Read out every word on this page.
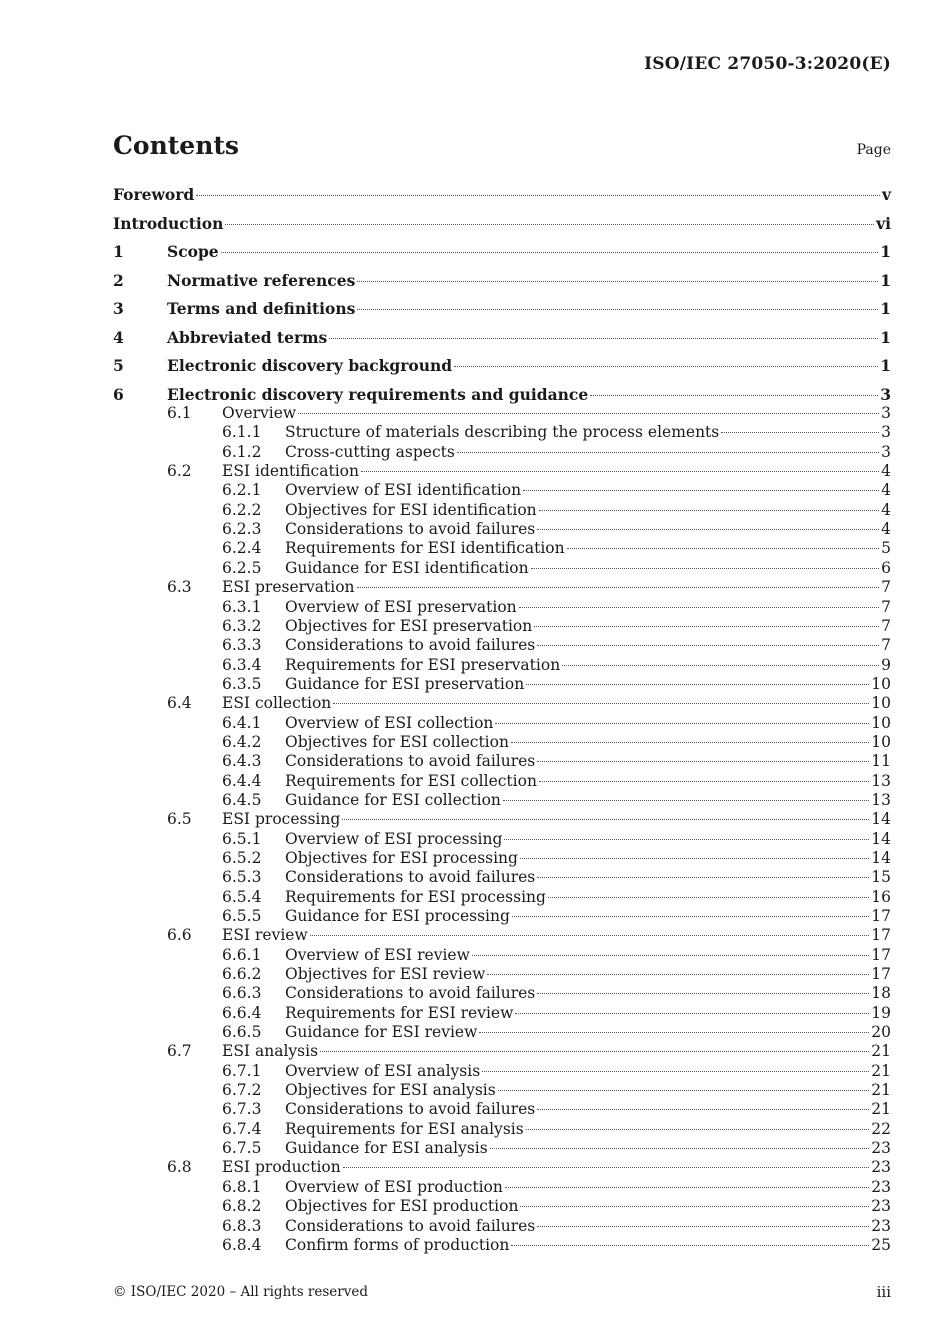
ISO/IEC 27050-3:2020(E)
Contents	Page
Foreword	v
Introduction	vi
1	Scope	1
2	Normative references	1
3	Terms and definitions	1
4	Abbreviated terms	1
5	Electronic discovery background	1
6	Electronic discovery requirements and guidance	3
6.1	Overview	3
6.1.1	Structure of materials describing the process elements	3
6.1.2	Cross-cutting aspects	3
6.2	ESI identification	4
6.2.1	Overview of ESI identification	4
6.2.2	Objectives for ESI identification	4
6.2.3	Considerations to avoid failures	4
6.2.4	Requirements for ESI identification	5
6.2.5	Guidance for ESI identification	6
6.3	ESI preservation	7
6.3.1	Overview of ESI preservation	7
6.3.2	Objectives for ESI preservation	7
6.3.3	Considerations to avoid failures	7
6.3.4	Requirements for ESI preservation	9
6.3.5	Guidance for ESI preservation	10
6.4	ESI collection	10
6.4.1	Overview of ESI collection	10
6.4.2	Objectives for ESI collection	10
6.4.3	Considerations to avoid failures	11
6.4.4	Requirements for ESI collection	13
6.4.5	Guidance for ESI collection	13
6.5	ESI processing	14
6.5.1	Overview of ESI processing	14
6.5.2	Objectives for ESI processing	14
6.5.3	Considerations to avoid failures	15
6.5.4	Requirements for ESI processing	16
6.5.5	Guidance for ESI processing	17
6.6	ESI review	17
6.6.1	Overview of ESI review	17
6.6.2	Objectives for ESI review	17
6.6.3	Considerations to avoid failures	18
6.6.4	Requirements for ESI review	19
6.6.5	Guidance for ESI review	20
6.7	ESI analysis	21
6.7.1	Overview of ESI analysis	21
6.7.2	Objectives for ESI analysis	21
6.7.3	Considerations to avoid failures	21
6.7.4	Requirements for ESI analysis	22
6.7.5	Guidance for ESI analysis	23
6.8	ESI production	23
6.8.1	Overview of ESI production	23
6.8.2	Objectives for ESI production	23
6.8.3	Considerations to avoid failures	23
6.8.4	Confirm forms of production	25
© ISO/IEC 2020 – All rights reserved	iii
